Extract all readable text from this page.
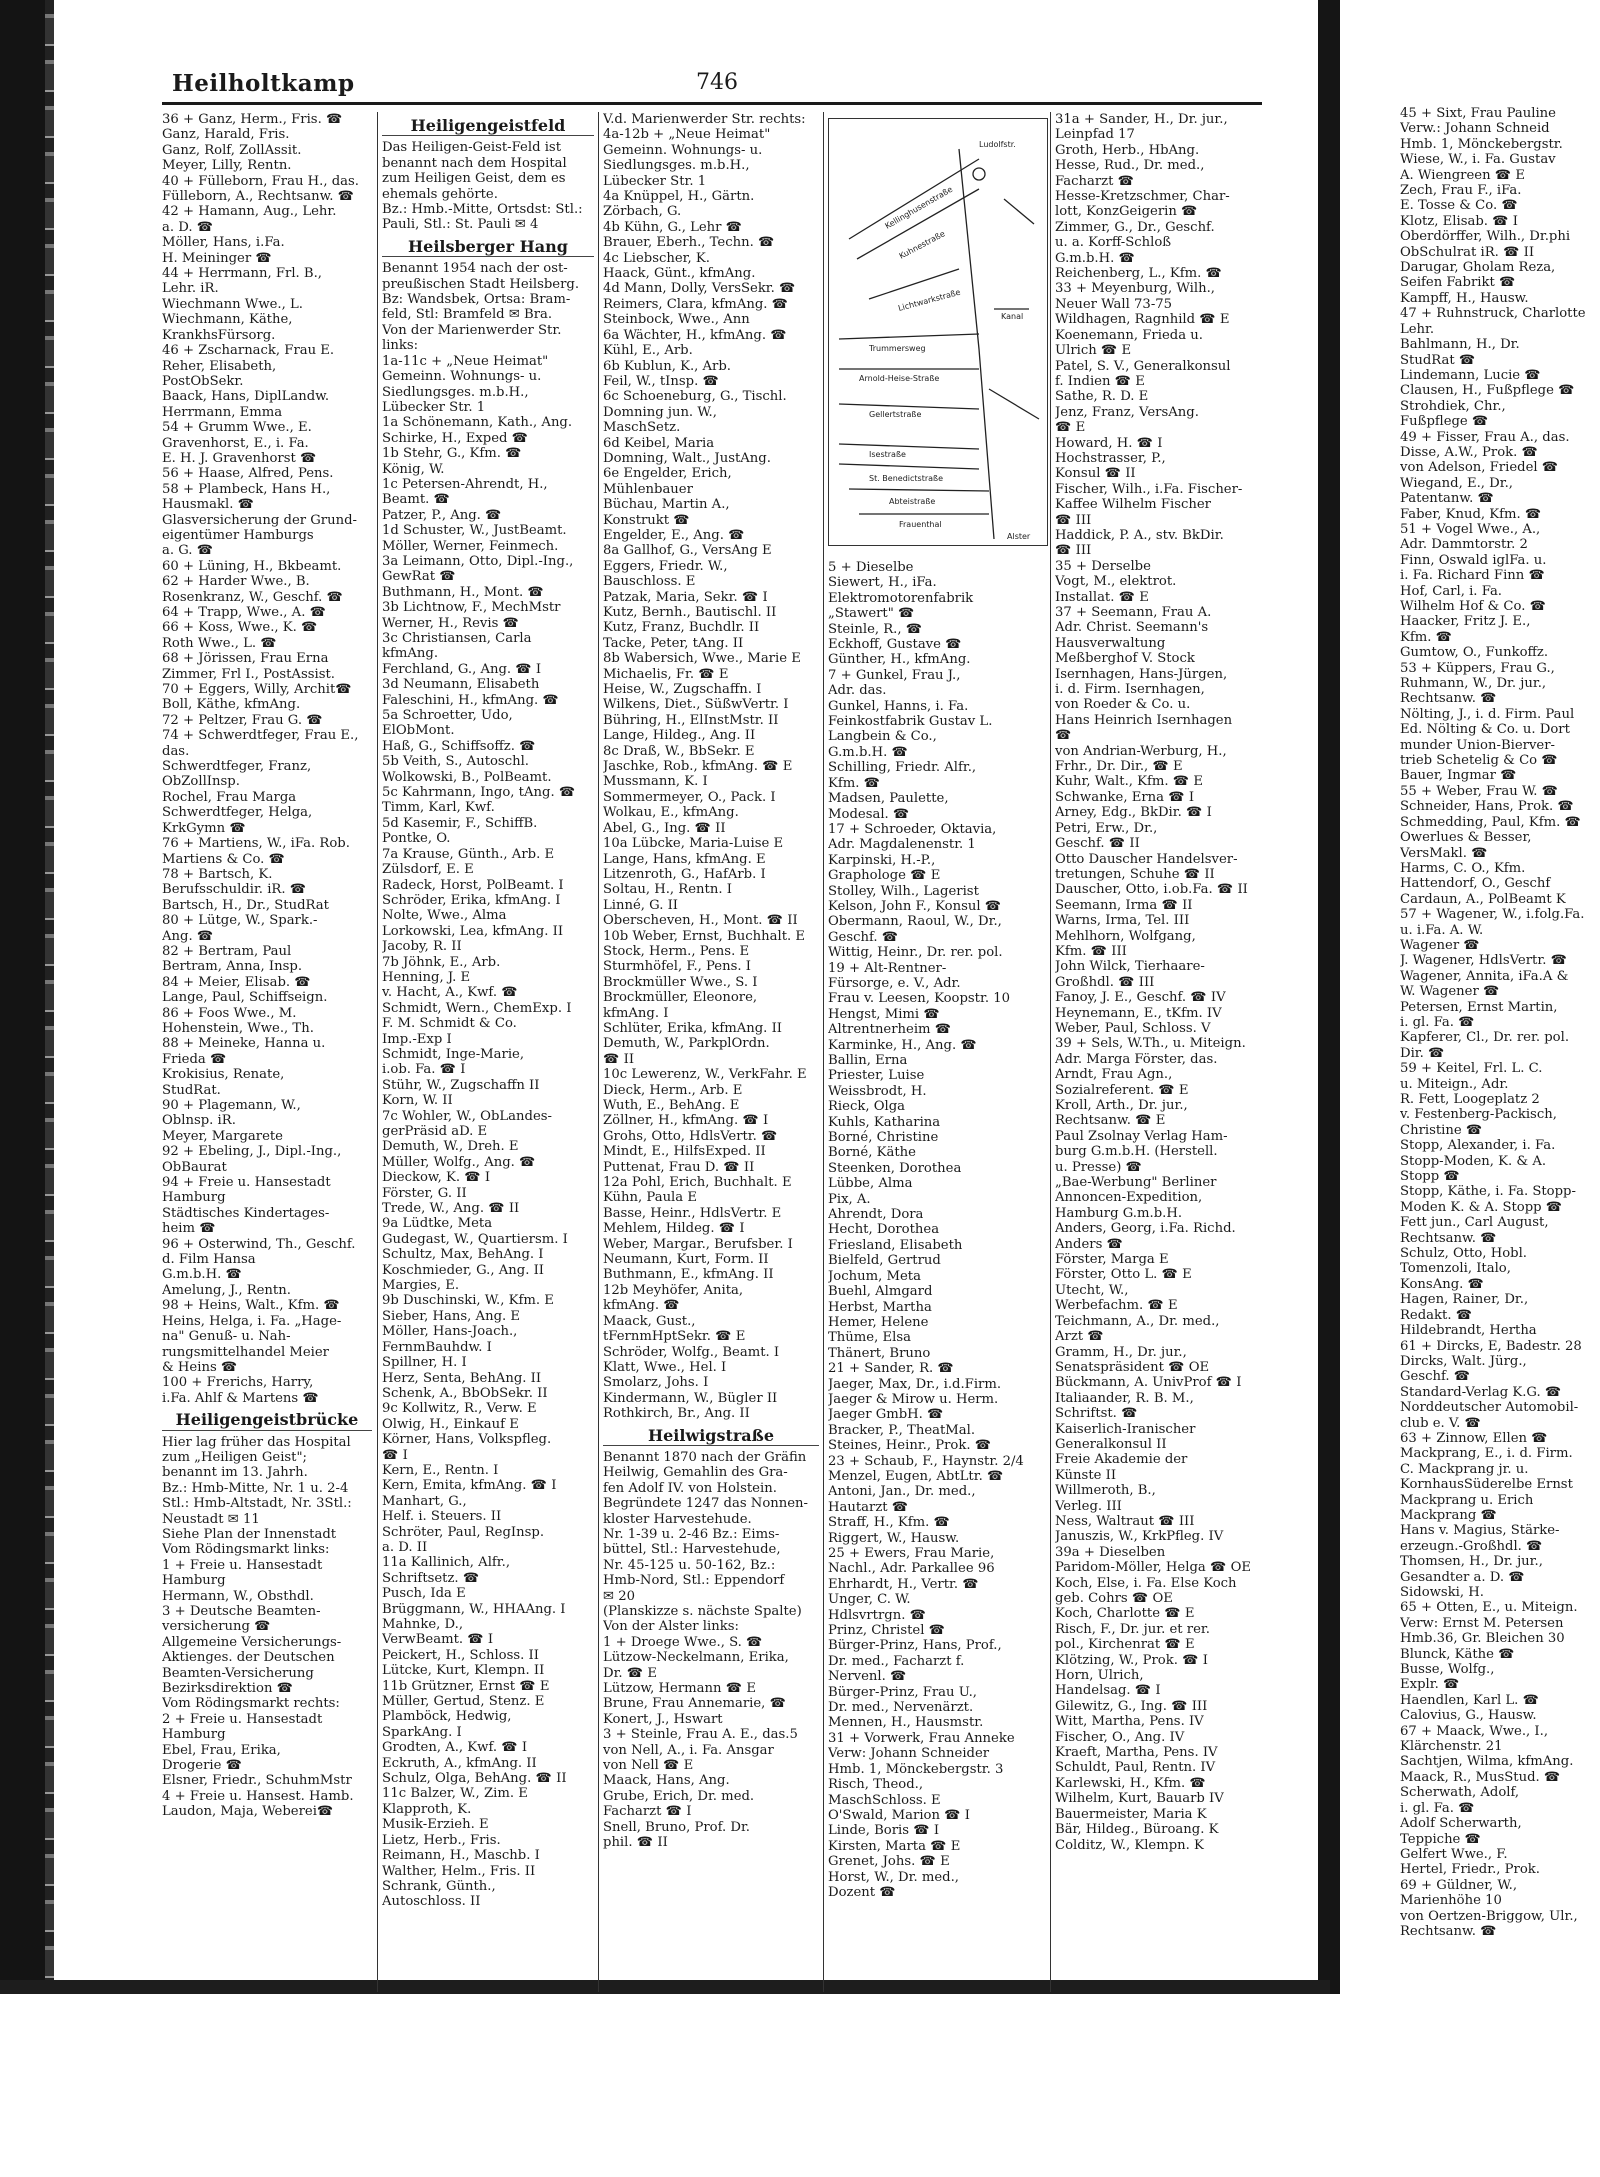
Heilholtkamp	746
36 + Ganz, Herm., Fris. ☎
Ganz, Harald, Fris.
Ganz, Rolf, ZollAssit.
Meyer, Lilly, Rentn.
40 + Fülleborn, Frau H., das.
Fülleborn, A., Rechtsanw. ☎
42 + Hamann, Aug., Lehr.
a. D. ☎
Möller, Hans, i.Fa.
H. Meininger ☎
44 + Herrmann, Frl. B.,
Lehr. iR.
Wiechmann Wwe., L.
Wiechmann, Käthe,
KrankhsFürsorg.
46 + Zscharnack, Frau E.
Reher, Elisabeth,
PostObSekr.
Baack, Hans, DiplLandw.
Herrmann, Emma
54 + Grumm Wwe., E.
Gravenhorst, E., i. Fa.
E. H. J. Gravenhorst ☎
56 + Haase, Alfred, Pens.
58 + Plambeck, Hans H.,
Hausmakl. ☎
Glasversicherung der Grund-
eigentümer Hamburgs
a. G. ☎
60 + Lüning, H., Bkbeamt.
62 + Harder Wwe., B.
Rosenkranz, W., Geschf. ☎
64 + Trapp, Wwe., A. ☎
66 + Koss, Wwe., K. ☎
Roth Wwe., L. ☎
68 + Jörissen, Frau Erna
Zimmer, Frl I., PostAssist.
70 + Eggers, Willy, Archit☎
Boll, Käthe, kfmAng.
72 + Peltzer, Frau G. ☎
74 + Schwerdtfeger, Frau E.,
das.
Schwerdtfeger, Franz,
ObZollInsp.
Rochel, Frau Marga
Schwerdtfeger, Helga,
KrkGymn ☎
76 + Martiens, W., iFa. Rob.
Martiens & Co. ☎
78 + Bartsch, K.
Berufsschuldir. iR. ☎
Bartsch, H., Dr., StudRat
80 + Lütge, W., Spark.-
Ang. ☎
82 + Bertram, Paul
Bertram, Anna, Insp.
84 + Meier, Elisab. ☎
Lange, Paul, Schiffseign.
86 + Foos Wwe., M.
Hohenstein, Wwe., Th.
88 + Meineke, Hanna u.
Frieda ☎
Krokisius, Renate,
StudRat.
90 + Plagemann, W.,
Oblnsp. iR.
Meyer, Margarete
92 + Ebeling, J., Dipl.-Ing.,
ObBaurat
94 + Freie u. Hansestadt
Hamburg
Städtisches Kindertages-
heim ☎
96 + Osterwind, Th., Geschf.
d. Film Hansa
G.m.b.H. ☎
Amelung, J., Rentn.
98 + Heins, Walt., Kfm. ☎
Heins, Helga, i. Fa. „Hage-
na" Genuß- u. Nah-
rungsmittelhandel Meier
& Heins ☎
100 + Frerichs, Harry,
i.Fa. Ahlf & Martens ☎
Heiligengeistbrücke
Hier lag früher das Hospital
zum „Heiligen Geist";
benannt im 13. Jahrh.
Bz.: Hmb-Mitte, Nr. 1 u. 2-4
Stl.: Hmb-Altstadt, Nr. 3Stl.:
Neustadt ✉ 11
Siehe Plan der Innenstadt
Vom Rödingsmarkt links:
1 + Freie u. Hansestadt
Hamburg
Hermann, W., Obsthdl.
3 + Deutsche Beamten-
versicherung ☎
Allgemeine Versicherungs-
Aktienges. der Deutschen
Beamten-Versicherung
Bezirksdirektion ☎
Vom Rödingsmarkt rechts:
2 + Freie u. Hansestadt
Hamburg
Ebel, Frau, Erika,
Drogerie ☎
Elsner, Friedr., SchuhmMstr
4 + Freie u. Hansest. Hamb.
Laudon, Maja, Weberei☎
Heiligengeistfeld
Das Heiligen-Geist-Feld ist
benannt nach dem Hospital
zum Heiligen Geist, dem es
ehemals gehörte.
Bz.: Hmb.-Mitte, Ortsdst: Stl.:
Pauli, Stl.: St. Pauli ✉ 4
Heilsberger Hang
Benannt 1954 nach der ost-
preußischen Stadt Heilsberg.
Bz: Wandsbek, Ortsa: Bram-
feld, Stl: Bramfeld ✉ Bra.
Von der Marienwerder Str.
links:
1a-11c + „Neue Heimat"
Gemeinn. Wohnungs- u.
Siedlungsges. m.b.H.,
Lübecker Str. 1
1a Schönemann, Kath., Ang.
Schirke, H., Exped ☎
1b Stehr, G., Kfm. ☎
König, W.
1c Petersen-Ahrendt, H.,
Beamt. ☎
Patzer, P., Ang. ☎
1d Schuster, W., JustBeamt.
Möller, Werner, Feinmech.
3a Leimann, Otto, Dipl.-Ing.,
GewRat ☎
Buthmann, H., Mont. ☎
3b Lichtnow, F., MechMstr
Werner, H., Revis ☎
3c Christiansen, Carla
kfmAng.
Ferchland, G., Ang. ☎ I
3d Neumann, Elisabeth
Faleschini, H., kfmAng. ☎
5a Schroetter, Udo,
ElObMont.
Haß, G., Schiffsoffz. ☎
5b Veith, S., Autoschl.
Wolkowski, B., PolBeamt.
5c Kahrmann, Ingo, tAng. ☎
Timm, Karl, Kwf.
5d Kasemir, F., SchiffB.
Pontke, O.
7a Krause, Günth., Arb. E
Zülsdorf, E. E
Radeck, Horst, PolBeamt. I
Schröder, Erika, kfmAng. I
Nolte, Wwe., Alma
Lorkowski, Lea, kfmAng. II
Jacoby, R. II
7b Jöhnk, E., Arb.
Henning, J. E
v. Hacht, A., Kwf. ☎
Schmidt, Wern., ChemExp. I
F. M. Schmidt & Co.
Imp.-Exp I
Schmidt, Inge-Marie,
i.ob. Fa. ☎ I
Stühr, W., Zugschaffn II
Korn, W. II
7c Wohler, W., ObLandes-
gerPräsid aD. E
Demuth, W., Dreh. E
Müller, Wolfg., Ang. ☎
Dieckow, K. ☎ I
Förster, G. II
Trede, W., Ang. ☎ II
9a Lüdtke, Meta
Gudegast, W., Quartiersm. I
Schultz, Max, BehAng. I
Koschmieder, G., Ang. II
Margies, E.
9b Duschinski, W., Kfm. E
Sieber, Hans, Ang. E
Möller, Hans-Joach.,
FernmBauhdw. I
Spillner, H. I
Herz, Senta, BehAng. II
Schenk, A., BbObSekr. II
9c Kollwitz, R., Verw. E
Olwig, H., Einkauf E
Körner, Hans, Volkspfleg.
☎ I
Kern, E., Rentn. I
Kern, Emita, kfmAng. ☎ I
Manhart, G.,
Helf. i. Steuers. II
Schröter, Paul, RegInsp.
a. D. II
11a Kallinich, Alfr.,
Schriftsetz. ☎
Pusch, Ida E
Brüggmann, W., HHAAng. I
Mahnke, D.,
VerwBeamt. ☎ I
Peickert, H., Schloss. II
Lütcke, Kurt, Klempn. II
11b Grützner, Ernst ☎ E
Müller, Gertud, Stenz. E
Plamböck, Hedwig,
SparkAng. I
Grodten, A., Kwf. ☎ I
Eckruth, A., kfmAng. II
Schulz, Olga, BehAng. ☎ II
11c Balzer, W., Zim. E
Klapproth, K.
Musik-Erzieh. E
Lietz, Herb., Fris.
Reimann, H., Maschb. I
Walther, Helm., Fris. II
Schrank, Günth.,
Autoschloss. II
V.d. Marienwerder Str. rechts:
4a-12b + „Neue Heimat"
Gemeinn. Wohnungs- u.
Siedlungsges. m.b.H.,
Lübecker Str. 1
4a Knüppel, H., Gärtn.
Zörbach, G.
4b Kühn, G., Lehr ☎
Brauer, Eberh., Techn. ☎
4c Liebscher, K.
Haack, Günt., kfmAng.
4d Mann, Dolly, VersSekr. ☎
Reimers, Clara, kfmAng. ☎
Steinbock, Wwe., Ann
6a Wächter, H., kfmAng. ☎
Kühl, E., Arb.
6b Kublun, K., Arb.
Feil, W., tInsp. ☎
6c Schoeneburg, G., Tischl.
Domning jun. W.,
MaschSetz.
6d Keibel, Maria
Domning, Walt., JustAng.
6e Engelder, Erich,
Mühlenbauer
Büchau, Martin A.,
Konstrukt ☎
Engelder, E., Ang. ☎
8a Gallhof, G., VersAng E
Eggers, Friedr. W.,
Bauschloss. E
Patzak, Maria, Sekr. ☎ I
Kutz, Bernh., Bautischl. II
Kutz, Franz, Buchdlr. II
Tacke, Peter, tAng. II
8b Wabersich, Wwe., Marie E
Michaelis, Fr. ☎ E
Heise, W., Zugschaffn. I
Wilkens, Diet., SüßwVertr. I
Bühring, H., ElInstMstr. II
Lange, Hildeg., Ang. II
8c Draß, W., BbSekr. E
Jaschke, Rob., kfmAng. ☎ E
Mussmann, K. I
Sommermeyer, O., Pack. I
Wolkau, E., kfmAng.
Abel, G., Ing. ☎ II
10a Lübcke, Maria-Luise E
Lange, Hans, kfmAng. E
Litzenroth, G., HafArb. I
Soltau, H., Rentn. I
Linné, G. II
Oberscheven, H., Mont. ☎ II
10b Weber, Ernst, Buchhalt. E
Stock, Herm., Pens. E
Sturmhöfel, F., Pens. I
Brockmüller Wwe., S. I
Brockmüller, Eleonore,
kfmAng. I
Schlüter, Erika, kfmAng. II
Demuth, W., ParkplOrdn.
☎ II
10c Lewerenz, W., VerkFahr. E
Dieck, Herm., Arb. E
Wuth, E., BehAng. E
Zöllner, H., kfmAng. ☎ I
Grohs, Otto, HdlsVertr. ☎
Mindt, E., HilfsExped. II
Puttenat, Frau D. ☎ II
12a Pohl, Erich, Buchhalt. E
Kühn, Paula E
Basse, Heinr., HdlsVertr. E
Mehlem, Hildeg. ☎ I
Weber, Margar., Berufsber. I
Neumann, Kurt, Form. II
Buthmann, E., kfmAng. II
12b Meyhöfer, Anita,
kfmAng. ☎
Maack, Gust.,
tFernmHptSekr. ☎ E
Schröder, Wolfg., Beamt. I
Klatt, Wwe., Hel. I
Smolarz, Johs. I
Kindermann, W., Bügler II
Rothkirch, Br., Ang. II
Heilwigstraße
Benannt 1870 nach der Gräfin
Heilwig, Gemahlin des Gra-
fen Adolf IV. von Holstein.
Begründete 1247 das Nonnen-
kloster Harvestehude.
Nr. 1-39 u. 2-46 Bz.: Eims-
büttel, Stl.: Harvestehude,
Nr. 45-125 u. 50-162, Bz.:
Hmb-Nord, Stl.: Eppendorf
✉ 20
(Planskizze s. nächste Spalte)
Von der Alster links:
1 + Droege Wwe., S. ☎
Lützow-Neckelmann, Erika,
Dr. ☎ E
Lützow, Hermann ☎ E
Brune, Frau Annemarie, ☎
Konert, J., Hswart
3 + Steinle, Frau A. E., das.5
von Nell, A., i. Fa. Ansgar
von Nell ☎ E
Maack, Hans, Ang.
Grube, Erich, Dr. med.
Facharzt ☎ I
Snell, Bruno, Prof. Dr.
phil. ☎ II
5 + Dieselbe
Siewert, H., iFa.
Elektromotorenfabrik
„Stawert" ☎
Steinle, R., ☎
Eckhoff, Gustave ☎
Günther, H., kfmAng.
7 + Gunkel, Frau J.,
Adr. das.
Gunkel, Hanns, i. Fa.
Feinkostfabrik Gustav L.
Langbein & Co.,
G.m.b.H. ☎
Schilling, Friedr. Alfr.,
Kfm. ☎
Madsen, Paulette,
Modesal. ☎
17 + Schroeder, Oktavia,
Adr. Magdalenenstr. 1
Karpinski, H.-P.,
Graphologe ☎ E
Stolley, Wilh., Lagerist
Kelson, John F., Konsul ☎
Obermann, Raoul, W., Dr.,
Geschf. ☎
Wittig, Heinr., Dr. rer. pol.
19 + Alt-Rentner-
Fürsorge, e. V., Adr.
Frau v. Leesen, Koopstr. 10
Hengst, Mimi ☎
Altrentnerheim ☎
Karminke, H., Ang. ☎
Ballin, Erna
Priester, Luise
Weissbrodt, H.
Rieck, Olga
Kuhls, Katharina
Borné, Christine
Borné, Käthe
Steenken, Dorothea
Lübbe, Alma
Pix, A.
Ahrendt, Dora
Hecht, Dorothea
Friesland, Elisabeth
Bielfeld, Gertrud
Jochum, Meta
Buehl, Almgard
Herbst, Martha
Hemer, Helene
Thüme, Elsa
Thänert, Bruno
21 + Sander, R. ☎
Jaeger, Max, Dr., i.d.Firm.
Jaeger & Mirow u. Herm.
Jaeger GmbH. ☎
Bracker, P., TheatMal.
Steines, Heinr., Prok. ☎
23 + Schaub, F., Haynstr. 2/4
Menzel, Eugen, AbtLtr. ☎
Antoni, Jan., Dr. med.,
Hautarzt ☎
Straff, H., Kfm. ☎
Riggert, W., Hausw.
25 + Ewers, Frau Marie,
Nachl., Adr. Parkallee 96
Ehrhardt, H., Vertr. ☎
Unger, C. W.
Hdlsvrtrgn. ☎
Prinz, Christel ☎
Bürger-Prinz, Hans, Prof.,
Dr. med., Facharzt f.
Nervenl. ☎
Bürger-Prinz, Frau U.,
Dr. med., Nervenärzt.
Mennen, H., Hausmstr.
31 + Vorwerk, Frau Anneke
Verw: Johann Schneider
Hmb. 1, Mönckebergstr. 3
Risch, Theod.,
MaschSchloss. E
O'Swald, Marion ☎ I
Linde, Boris ☎ I
Kirsten, Marta ☎ E
Grenet, Johs. ☎ E
Horst, W., Dr. med.,
Dozent ☎
31a + Sander, H., Dr. jur.,
Leinpfad 17
Groth, Herb., HbAng.
Hesse, Rud., Dr. med.,
Facharzt ☎
Hesse-Kretzschmer, Char-
lott, KonzGeigerin ☎
Zimmer, G., Dr., Geschf.
u. a. Korff-Schloß
G.m.b.H. ☎
Reichenberg, L., Kfm. ☎
33 + Meyenburg, Wilh.,
Neuer Wall 73-75
Wildhagen, Ragnhild ☎ E
Koenemann, Frieda u.
Ulrich ☎ E
Patel, S. V., Generalkonsul
f. Indien ☎ E
Sathe, R. D. E
Jenz, Franz, VersAng.
☎ E
Howard, H. ☎ I
Hochstrasser, P.,
Konsul ☎ II
Fischer, Wilh., i.Fa. Fischer-
Kaffee Wilhelm Fischer
☎ III
Haddick, P. A., stv. BkDir.
☎ III
35 + Derselbe
Vogt, M., elektrot.
Installat. ☎ E
37 + Seemann, Frau A.
Adr. Christ. Seemann's
Hausverwaltung
Meßberghof V. Stock
Isernhagen, Hans-Jürgen,
i. d. Firm. Isernhagen,
von Roeder & Co. u.
Hans Heinrich Isernhagen
☎
von Andrian-Werburg, H.,
Frhr., Dr. Dir., ☎ E
Kuhr, Walt., Kfm. ☎ E
Schwanke, Erna ☎ I
Arney, Edg., BkDir. ☎ I
Petri, Erw., Dr.,
Geschf. ☎ II
Otto Dauscher Handelsver-
tretungen, Schuhe ☎ II
Dauscher, Otto, i.ob.Fa. ☎ II
Seemann, Irma ☎ II
Warns, Irma, Tel. III
Mehlhorn, Wolfgang,
Kfm. ☎ III
John Wilck, Tierhaare-
Großhdl. ☎ III
Fanoy, J. E., Geschf. ☎ IV
Heynemann, E., tKfm. IV
Weber, Paul, Schloss. V
39 + Sels, W.Th., u. Miteign.
Adr. Marga Förster, das.
Arndt, Frau Agn.,
Sozialreferent. ☎ E
Kroll, Arth., Dr. jur.,
Rechtsanw. ☎ E
Paul Zsolnay Verlag Ham-
burg G.m.b.H. (Herstell.
u. Presse) ☎
„Bae-Werbung" Berliner
Annoncen-Expedition,
Hamburg G.m.b.H.
Anders, Georg, i.Fa. Richd.
Anders ☎
Förster, Marga E
Förster, Otto L. ☎ E
Utecht, W.,
Werbefachm. ☎ E
Teichmann, A., Dr. med.,
Arzt ☎
Gramm, H., Dr. jur.,
Senatspräsident ☎ OE
Bückmann, A. UnivProf ☎ I
Italiaander, R. B. M.,
Schriftst. ☎
Kaiserlich-Iranischer
Generalkonsul II
Freie Akademie der
Künste II
Willmeroth, B.,
Verleg. III
Ness, Waltraut ☎ III
Januszis, W., KrkPfleg. IV
39a + Dieselben
Paridom-Möller, Helga ☎ OE
Koch, Else, i. Fa. Else Koch
geb. Cohrs ☎ OE
Koch, Charlotte ☎ E
Risch, F., Dr. jur. et rer.
pol., Kirchenrat ☎ E
Klötzing, W., Prok. ☎ I
Horn, Ulrich,
Handelsag. ☎ I
Gilewitz, G., Ing. ☎ III
Witt, Martha, Pens. IV
Fischer, O., Ang. IV
Kraeft, Martha, Pens. IV
Schuldt, Paul, Rentn. IV
Karlewski, H., Kfm. ☎
Wilhelm, Kurt, Bauarb IV
Bauermeister, Maria K
Bär, Hildeg., Büroang. K
Colditz, W., Klempn. K
45 + Sixt, Frau Pauline
Verw.: Johann Schneid
Hmb. 1, Mönckebergstr.
Wiese, W., i. Fa. Gustav
A. Wiengreen ☎ E
Zech, Frau F., iFa.
E. Tosse & Co. ☎
Klotz, Elisab. ☎ I
Oberdörffer, Wilh., Dr.phi
ObSchulrat iR. ☎ II
Darugar, Gholam Reza,
Seifen Fabrikt ☎
Kampff, H., Hausw.
47 + Ruhnstruck, Charlotte
Lehr.
Bahlmann, H., Dr.
StudRat ☎
Lindemann, Lucie ☎
Clausen, H., Fußpflege ☎
Strohdiek, Chr.,
Fußpflege ☎
49 + Fisser, Frau A., das.
Disse, A.W., Prok. ☎
von Adelson, Friedel ☎
Wiegand, E., Dr.,
Patentanw. ☎
Faber, Knud, Kfm. ☎
51 + Vogel Wwe., A.,
Adr. Dammtorstr. 2
Finn, Oswald iglFa. u.
i. Fa. Richard Finn ☎
Hof, Carl, i. Fa.
Wilhelm Hof & Co. ☎
Haacker, Fritz J. E.,
Kfm. ☎
Gumtow, O., Funkoffz.
53 + Küppers, Frau G.,
Ruhmann, W., Dr. jur.,
Rechtsanw. ☎
Nölting, J., i. d. Firm. Paul
Ed. Nölting & Co. u. Dort
munder Union-Bierver-
trieb Schetelig & Co ☎
Bauer, Ingmar ☎
55 + Weber, Frau W. ☎
Schneider, Hans, Prok. ☎
Schmedding, Paul, Kfm. ☎
Owerlues & Besser,
VersMakl. ☎
Harms, C. O., Kfm.
Hattendorf, O., Geschf
Cardaun, A., PolBeamt K
57 + Wagener, W., i.folg.Fa.
u. i.Fa. A. W.
Wagener ☎
J. Wagener, HdlsVertr. ☎
Wagener, Annita, iFa.A &
W. Wagener ☎
Petersen, Ernst Martin,
i. gl. Fa. ☎
Kapferer, Cl., Dr. rer. pol.
Dir. ☎
59 + Keitel, Frl. L. C.
u. Miteign., Adr.
R. Fett, Loogeplatz 2
v. Festenberg-Packisch,
Christine ☎
Stopp, Alexander, i. Fa.
Stopp-Moden, K. & A.
Stopp ☎
Stopp, Käthe, i. Fa. Stopp-
Moden K. & A. Stopp ☎
Fett jun., Carl August,
Rechtsanw. ☎
Schulz, Otto, Hobl.
Tomenzoli, Italo,
KonsAng. ☎
Hagen, Rainer, Dr.,
Redakt. ☎
Hildebrandt, Hertha
61 + Dircks, E, Badestr. 28
Dircks, Walt. Jürg.,
Geschf. ☎
Standard-Verlag K.G. ☎
Norddeutscher Automobil-
club e. V. ☎
63 + Zinnow, Ellen ☎
Mackprang, E., i. d. Firm.
C. Mackprang jr. u.
KornhausSüderelbe Ernst
Mackprang u. Erich
Mackprang ☎
Hans v. Magius, Stärke-
erzeugn.-Großhdl. ☎
Thomsen, H., Dr. jur.,
Gesandter a. D. ☎
Sidowski, H.
65 + Otten, E., u. Miteign.
Verw: Ernst M. Petersen
Hmb.36, Gr. Bleichen 30
Blunck, Käthe ☎
Busse, Wolfg.,
Explr. ☎
Haendlen, Karl L. ☎
Calovius, G., Hausw.
67 + Maack, Wwe., I.,
Klärchenstr. 21
Sachtjen, Wilma, kfmAng.
Maack, R., MusStud. ☎
Scherwath, Adolf,
i. gl. Fa. ☎
Adolf Scherwarth,
Teppiche ☎
Gelfert Wwe., F.
Hertel, Friedr., Prok.
69 + Güldner, W.,
Marienhöhe 10
von Oertzen-Briggow, Ulr.,
Rechtsanw. ☎
Kellinghusenstraße
Kuhnestraße
Lichtwarkstraße
Trummersweg
Arnold-Heise-Straße
Gellertstraße
Isestraße
St. Benedictstraße
Abteistraße
Frauenthal
Kanal
Ludolfstr.
Alster
